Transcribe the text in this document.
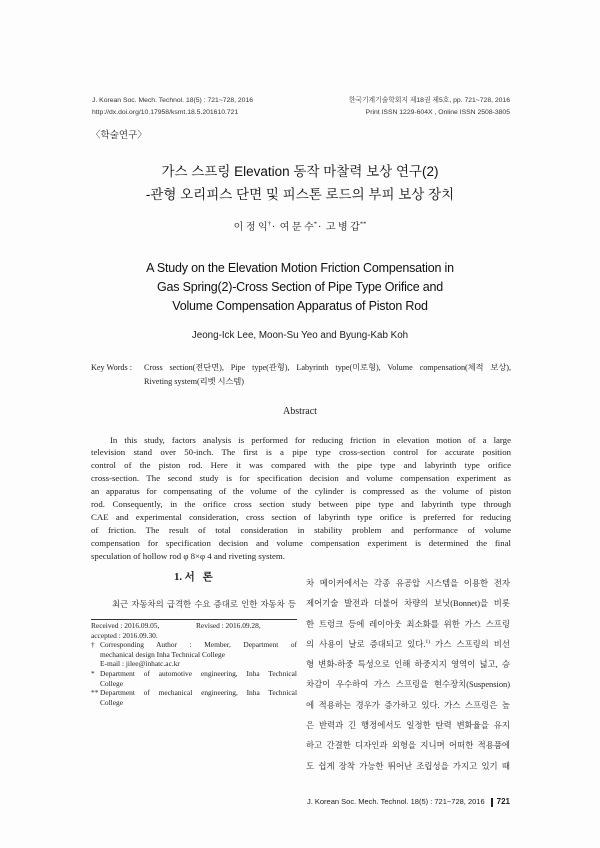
J. Korean Soc. Mech. Technol. 18(5) : 721~728, 2016
http://dx.doi.org/10.17958/ksmt.18.5.201610.721
한국기계기술학회지 제18권 제5호, pp. 721~728, 2016
Print ISSN 1229-604X , Online ISSN 2508-3805
〈학술연구〉
가스 스프링 Elevation 동작 마찰력 보상 연구(2)
-관형 오리피스 단면 및 피스톤 로드의 부피 보상 장치
이 정 익†· 여 문 수*· 고 병 갑**
A Study on the Elevation Motion Friction Compensation in
Gas Spring(2)-Cross Section of Pipe Type Orifice and
Volume Compensation Apparatus of Piston Rod
Jeong-Ick Lee, Moon-Su Yeo and Byung-Kab Koh
Key Words :	Cross section(전단면), Pipe type(관형), Labyrinth type(미로형), Volume compensation(체적 보상),
Riveting system(리벳 시스템)
Abstract
In this study, factors analysis is performed for reducing friction in elevation motion of a large
television stand over 50-inch. The first is a pipe type cross-section control for accurate position
control of the piston rod. Here it was compared with the pipe type and labyrinth type orifice
cross-section. The second study is for specification decision and volume compensation experiment as
an apparatus for compensating of the volume of the cylinder is compressed as the volume of piston
rod. Consequently, in the orifice cross section study between pipe type and labyrinth type through
CAE and experimental consideration, cross section of labyrinth type orifice is preferred for reducing
of friction. The result of total consideration in stability problem and performance of volume
compensation for specification decision and volume compensation experiment is determined the final
speculation of hollow rod φ 8×φ 4 and riveting system.
1. 서   론
최근 자동차의 급격한 수요 증대로 인한 자동차 등
Received : 2016.09.05,	Revised : 2016.09.28,
accepted : 2016.09.30.
† Corresponding Author : Member, Department of
mechanical design Inha Technical College
E-mail : jilee@inhatc.ac.kr
* Department of automotive engineering, Inha Technical
College
** Department of mechanical engineering, Inha Technical
College
차 메이커에서는 각종 유공압 시스템을 이용한 전자
제어기술 발전과 더불어 차량의 보닛(Bonnet)을 비롯
한 트렁크 등에 레이아웃 최소화를 위한 가스 스프링
의 사용이 날로 증대되고 있다.$^{1)}$ 가스 스프링의 비선
형 변화-하중 특성으로 인해 하중지지 영역이 넓고, 승
차감이 우수하여 가스 스프링을 현수장치(Suspension)
에 적용하는 경우가 증가하고 있다. 가스 스프링은 높
은 반력과 긴 행정에서도 일정한 탄력 변화율을 유지
하고 간결한 디자인과 외형을 지니며 어떠한 적용품에
도 쉽게 장착 가능한 뛰어난 조립성을 가지고 있기 때
J. Korean Soc. Mech. Technol. 18(5) : 721~728, 2016 721
